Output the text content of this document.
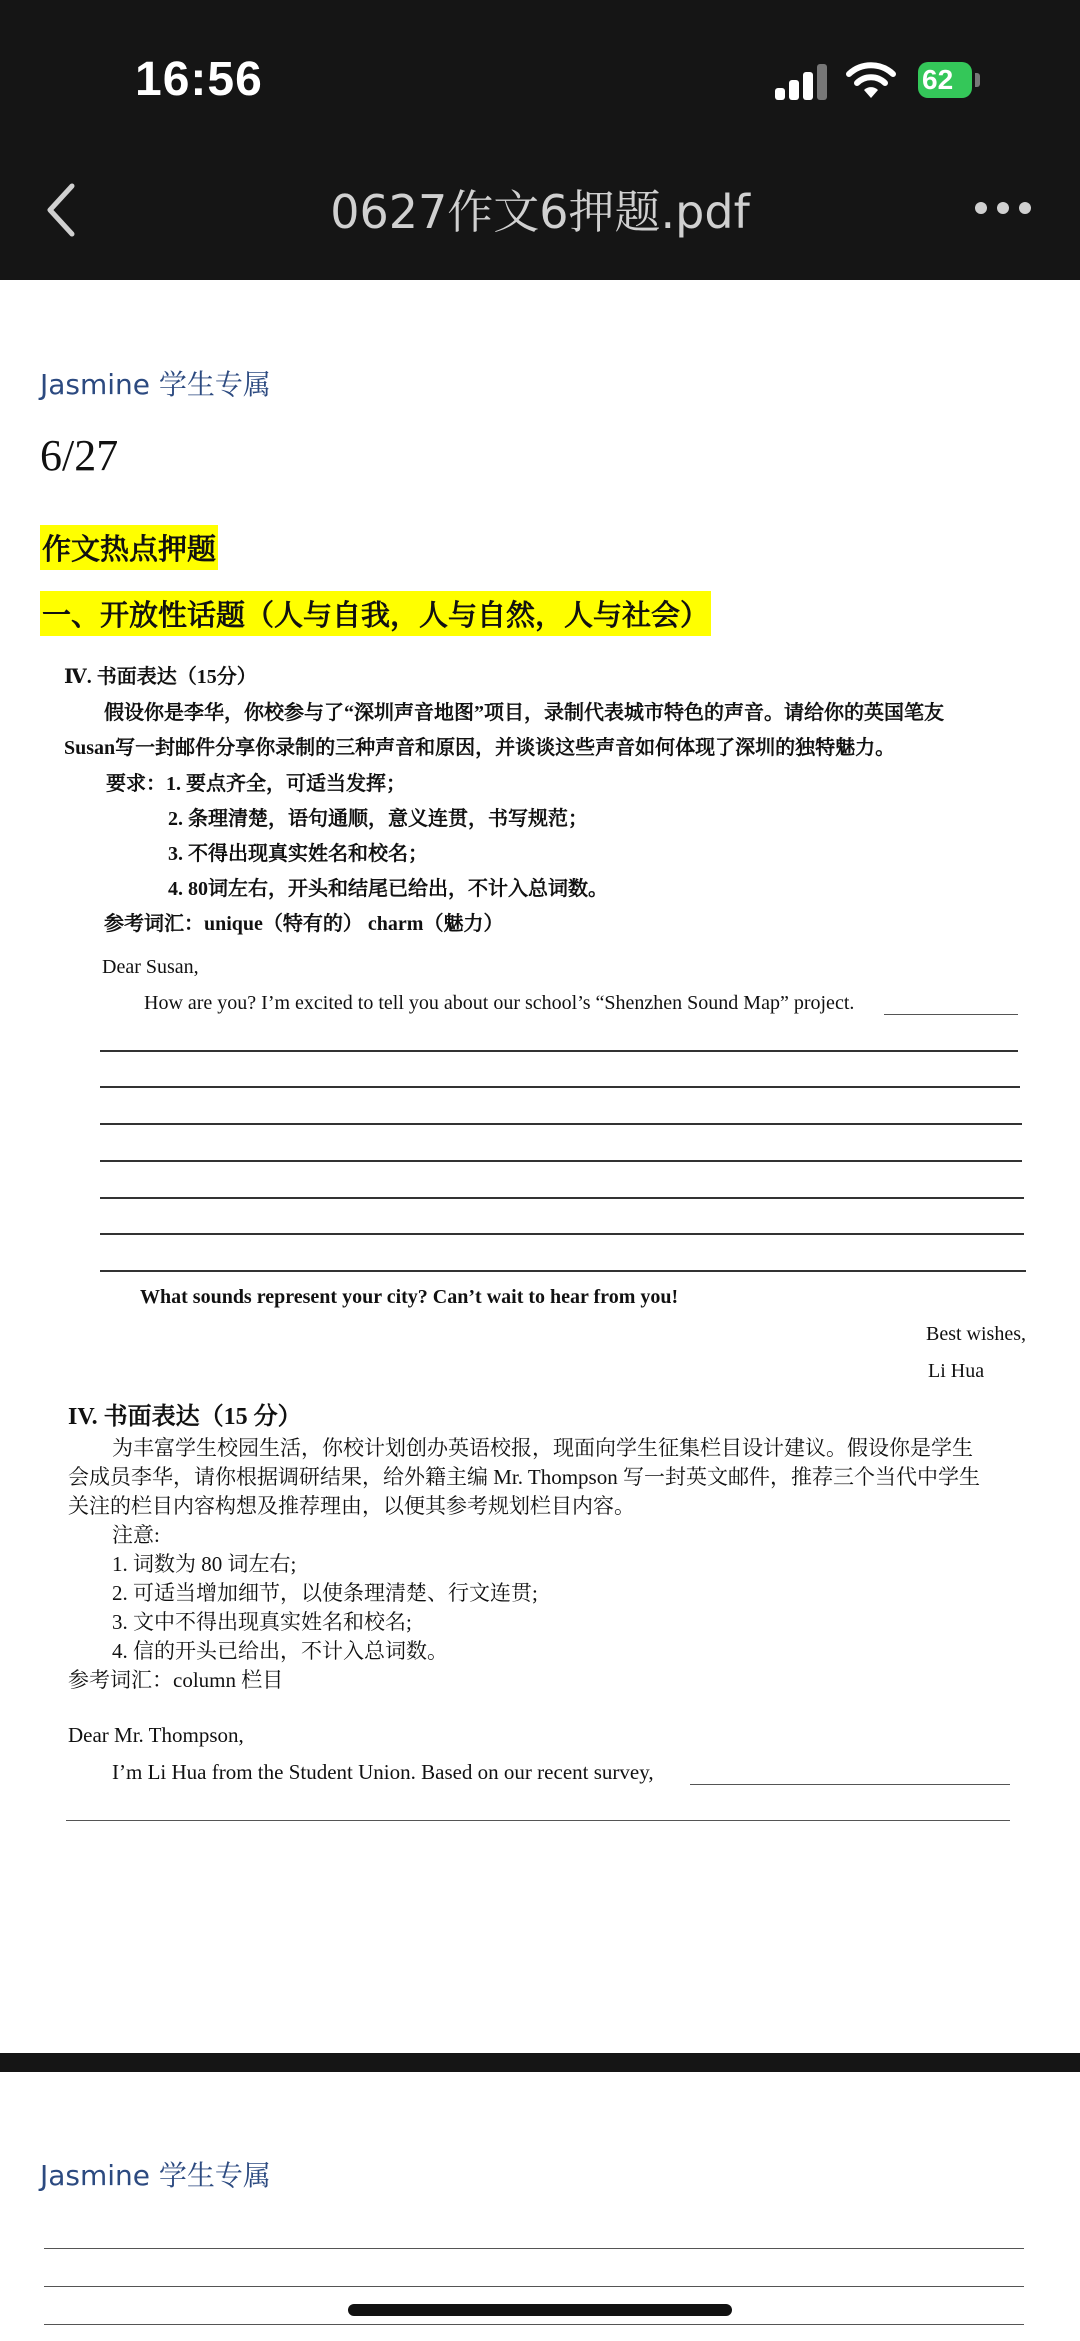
16:56	62
0627作文6押题.pdf
Jasmine 学生专属
6/27
作文热点押题
一、开放性话题（人与自我，人与自然，人与社会）
Ⅳ. 书面表达（15分）
假设你是李华，你校参与了“深圳声音地图”项目，录制代表城市特色的声音。请给你的英国笔友
Susan写一封邮件分享你录制的三种声音和原因，并谈谈这些声音如何体现了深圳的独特魅力。
要求：1. 要点齐全，可适当发挥；
2. 条理清楚，语句通顺，意义连贯，书写规范；
3. 不得出现真实姓名和校名；
4. 80词左右，开头和结尾已给出，不计入总词数。
参考词汇：unique（特有的） charm（魅力）
Dear Susan,
How are you? I’m excited to tell you about our school’s “Shenzhen Sound Map” project.
What sounds represent your city? Can’t wait to hear from you!
Best wishes,
Li Hua
IV. 书面表达（15 分）
为丰富学生校园生活，你校计划创办英语校报，现面向学生征集栏目设计建议。假设你是学生
会成员李华，请你根据调研结果，给外籍主编 Mr. Thompson 写一封英文邮件，推荐三个当代中学生
关注的栏目内容构想及推荐理由，以便其参考规划栏目内容。
注意:
1. 词数为 80 词左右;
2. 可适当增加细节，以使条理清楚、行文连贯;
3. 文中不得出现真实姓名和校名;
4. 信的开头已给出，不计入总词数。
参考词汇：column 栏目
Dear Mr. Thompson,
I’m Li Hua from the Student Union. Based on our recent survey,
Jasmine 学生专属
